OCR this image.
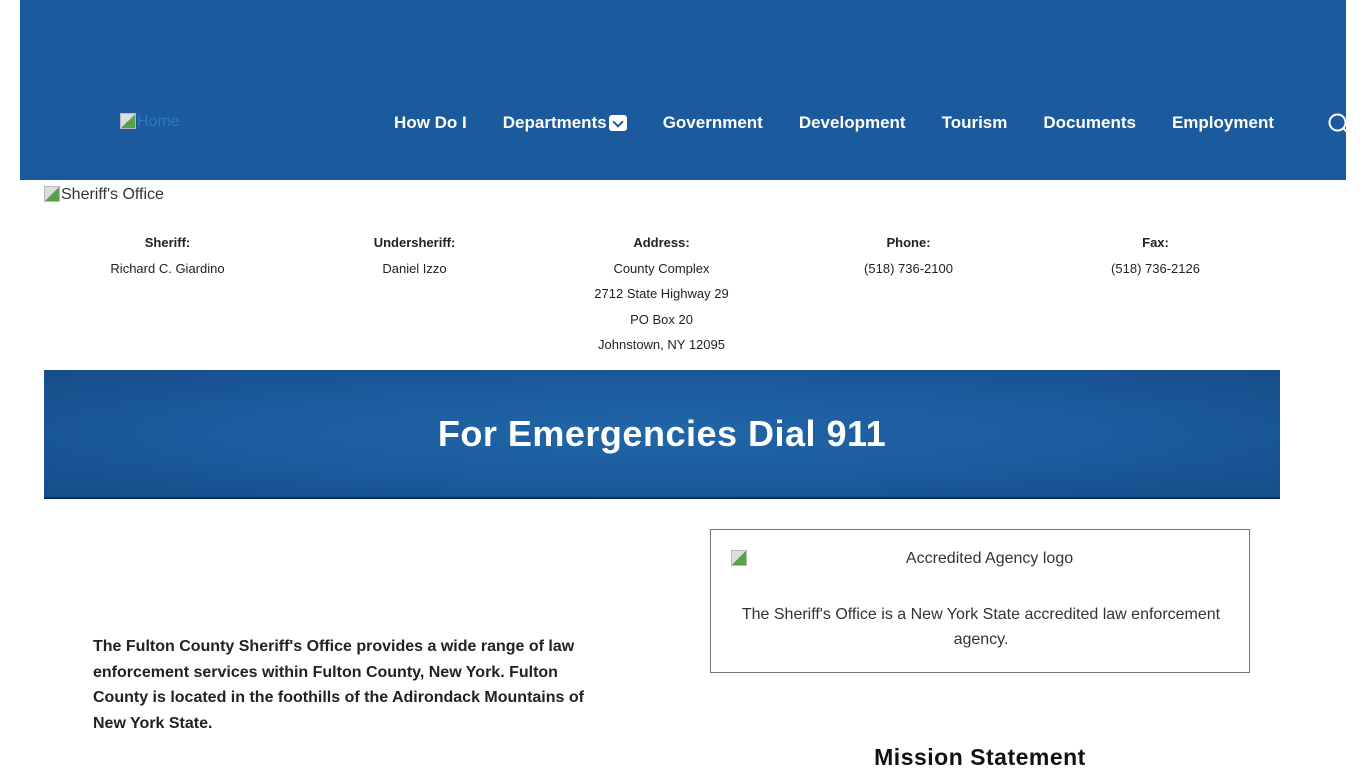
Home	How Do I Departments	Government Development Tourism Documents Employment
Sheriff's Office
Sheriff:
Richard C. Giardino
Undersheriff:
Daniel Izzo
Address:
County Complex
2712 State Highway 29
PO Box 20
Johnstown, NY 12095
Phone:
(518) 736-2100
Fax:
(518) 736-2126
For Emergencies Dial 911

The Fulton County Sheriff's Office provides a wide range of law enforcement services within Fulton County, New York. Fulton County is located in the foothills of the Adirondack Mountains of New York State.

Accredited Agency logo

The Sheriff's Office is a New York State accredited law enforcement agency.

Mission Statement
